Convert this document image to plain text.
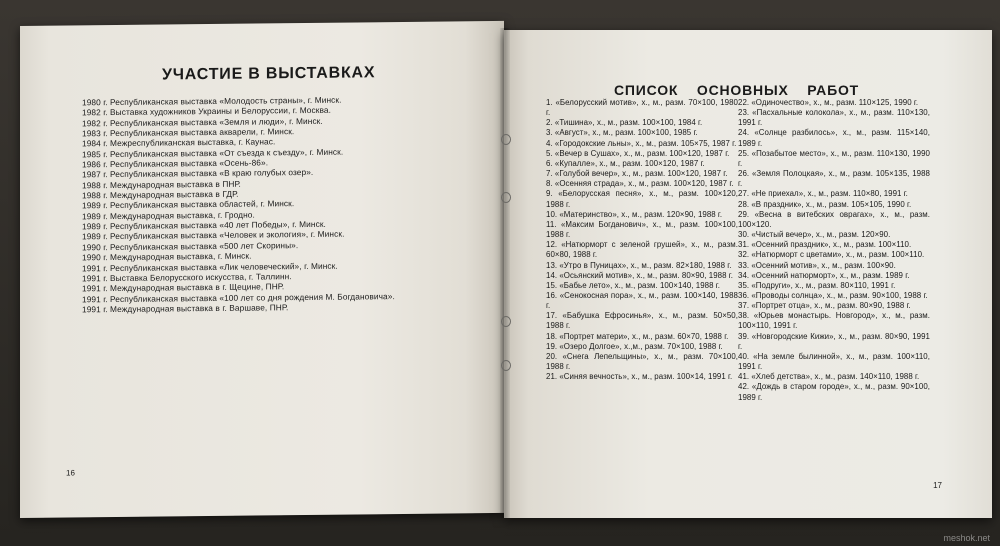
УЧАСТИЕ В ВЫСТАВКАХ
1980 г. Республиканская выставка «Молодость страны», г. Минск.
1982 г. Выставка художников Украины и Белоруссии, г. Москва.
1982 г. Республиканская выставка «Земля и люди», г. Минск.
1983 г. Республиканская выставка акварели, г. Минск.
1984 г. Межреспубликанская выставка, г. Каунас.
1985 г. Республиканская выставка «От съезда к съезду», г. Минск.
1986 г. Республиканская выставка «Осень-86».
1987 г. Республиканская выставка «В краю голубых озер».
1988 г. Международная выставка в ПНР.
1988 г. Международная выставка в ГДР.
1989 г. Республиканская выставка областей, г. Минск.
1989 г. Международная выставка, г. Гродно.
1989 г. Республиканская выставка «40 лет Победы», г. Минск.
1989 г. Республиканская выставка «Человек и экология», г. Минск.
1990 г. Республиканская выставка «500 лет Скорины».
1990 г. Международная выставка, г. Минск.
1991 г. Республиканская выставка «Лик человеческий», г. Минск.
1991 г. Выставка Белорусского искусства, г. Таллинн.
1991 г. Международная выставка в г. Щецине, ПНР.
1991 г. Республиканская выставка «100 лет со дня рождения М. Богдановича».
1991 г. Международная выставка в г. Варшаве, ПНР.
16
СПИСОК ОСНОВНЫХ РАБОТ
1. «Белорусский мотив», х., м., разм. 70×100, 1980 г.
2. «Тишина», х., м., разм. 100×100, 1984 г.
3. «Август», х., м., разм. 100×100, 1985 г.
4. «Городокские льны», х., м., разм. 105×75, 1987 г.
5. «Вечер в Сушах», х., м., разм. 100×120, 1987 г.
6. «Купалле», х., м., разм. 100×120, 1987 г.
7. «Голубой вечер», х., м., разм. 100×120, 1987 г.
8. «Осенняя страда», х., м., разм. 100×120, 1987 г.
9. «Белорусская песня», х., м., разм. 100×120, 1988 г.
10. «Материнство», х., м., разм. 120×90, 1988 г.
11. «Максим Богданович», х., м., разм. 100×100, 1988 г.
12. «Натюрморт с зеленой грушей», х., м., разм. 60×80, 1988 г.
13. «Утро в Пуницах», х., м., разм. 82×180, 1988 г.
14. «Осьянский мотив», х., м., разм. 80×90, 1988 г.
15. «Бабье лето», х., м., разм. 100×140, 1988 г.
16. «Сенокосная пора», х., м., разм. 100×140, 1988 г.
17. «Бабушка Ефросинья», х., м., разм. 50×50, 1988 г.
18. «Портрет матери», х., м., разм. 60×70, 1988 г.
19. «Озеро Долгое», х.,м., разм. 70×100, 1988 г.
20. «Снега Лепельщины», х., м., разм. 70×100, 1988 г.
21. «Синяя вечность», х., м., разм. 100×14, 1991 г.
22. «Одиночество», х., м., разм. 110×125, 1990 г.
23. «Пасхальные колокола», х., м., разм. 110×130, 1991 г.
24. «Солнце разбилось», х., м., разм. 115×140, 1989 г.
25. «Позабытое место», х., м., разм. 110×130, 1990 г.
26. «Земля Полоцкая», х., м., разм. 105×135, 1988 г.
27. «Не приехал», х., м., разм. 110×80, 1991 г.
28. «В праздник», х., м., разм. 105×105, 1990 г.
29. «Весна в витебских оврагах», х., м., разм. 100×120.
30. «Чистый вечер», х., м., разм. 120×90.
31. «Осенний праздник», х., м., разм. 100×110.
32. «Натюрморт с цветами», х., м., разм. 100×110.
33. «Осенний мотив», х., м., разм. 100×90.
34. «Осенний натюрморт», х., м., разм. 1989 г.
35. «Подруги», х., м., разм. 80×110, 1991 г.
36. «Проводы солнца», х., м., разм. 90×100, 1988 г.
37. «Портрет отца», х., м., разм. 80×90, 1988 г.
38. «Юрьев монастырь. Новгород», х., м., разм. 100×110, 1991 г.
39. «Новгородские Кижи», х., м., разм. 80×90, 1991 г.
40. «На земле былинной», х., м., разм. 100×110, 1991 г.
41. «Хлеб детства», х., м., разм. 140×110, 1988 г.
42. «Дождь в старом городе», х., м., разм. 90×100, 1989 г.
17
meshok.net
